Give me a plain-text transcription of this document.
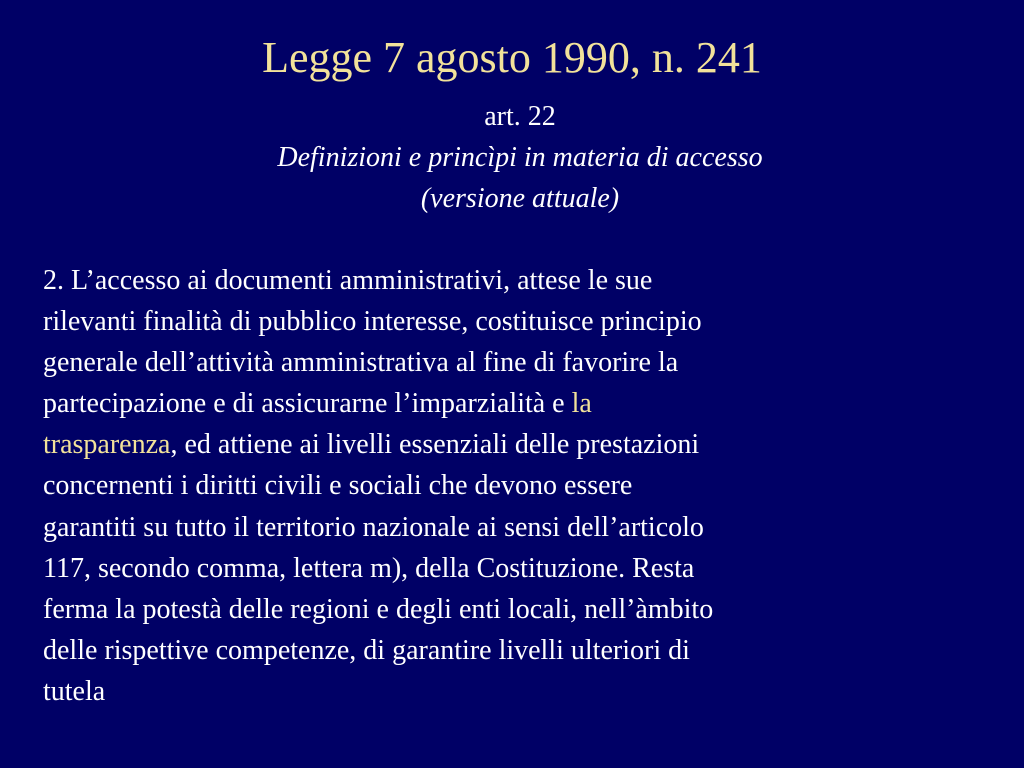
Legge 7 agosto 1990, n. 241
art. 22
Definizioni e princìpi in materia di accesso
(versione attuale)
2. L’accesso ai documenti amministrativi, attese le sue
rilevanti finalità di pubblico interesse, costituisce principio
generale dell’attività amministrativa al fine di favorire la
partecipazione e di assicurarne l’imparzialità e la
trasparenza, ed attiene ai livelli essenziali delle prestazioni
concernenti i diritti civili e sociali che devono essere
garantiti su tutto il territorio nazionale ai sensi dell’articolo
117, secondo comma, lettera m), della Costituzione. Resta
ferma la potestà delle regioni e degli enti locali, nell’àmbito
delle rispettive competenze, di garantire livelli ulteriori di
tutela
